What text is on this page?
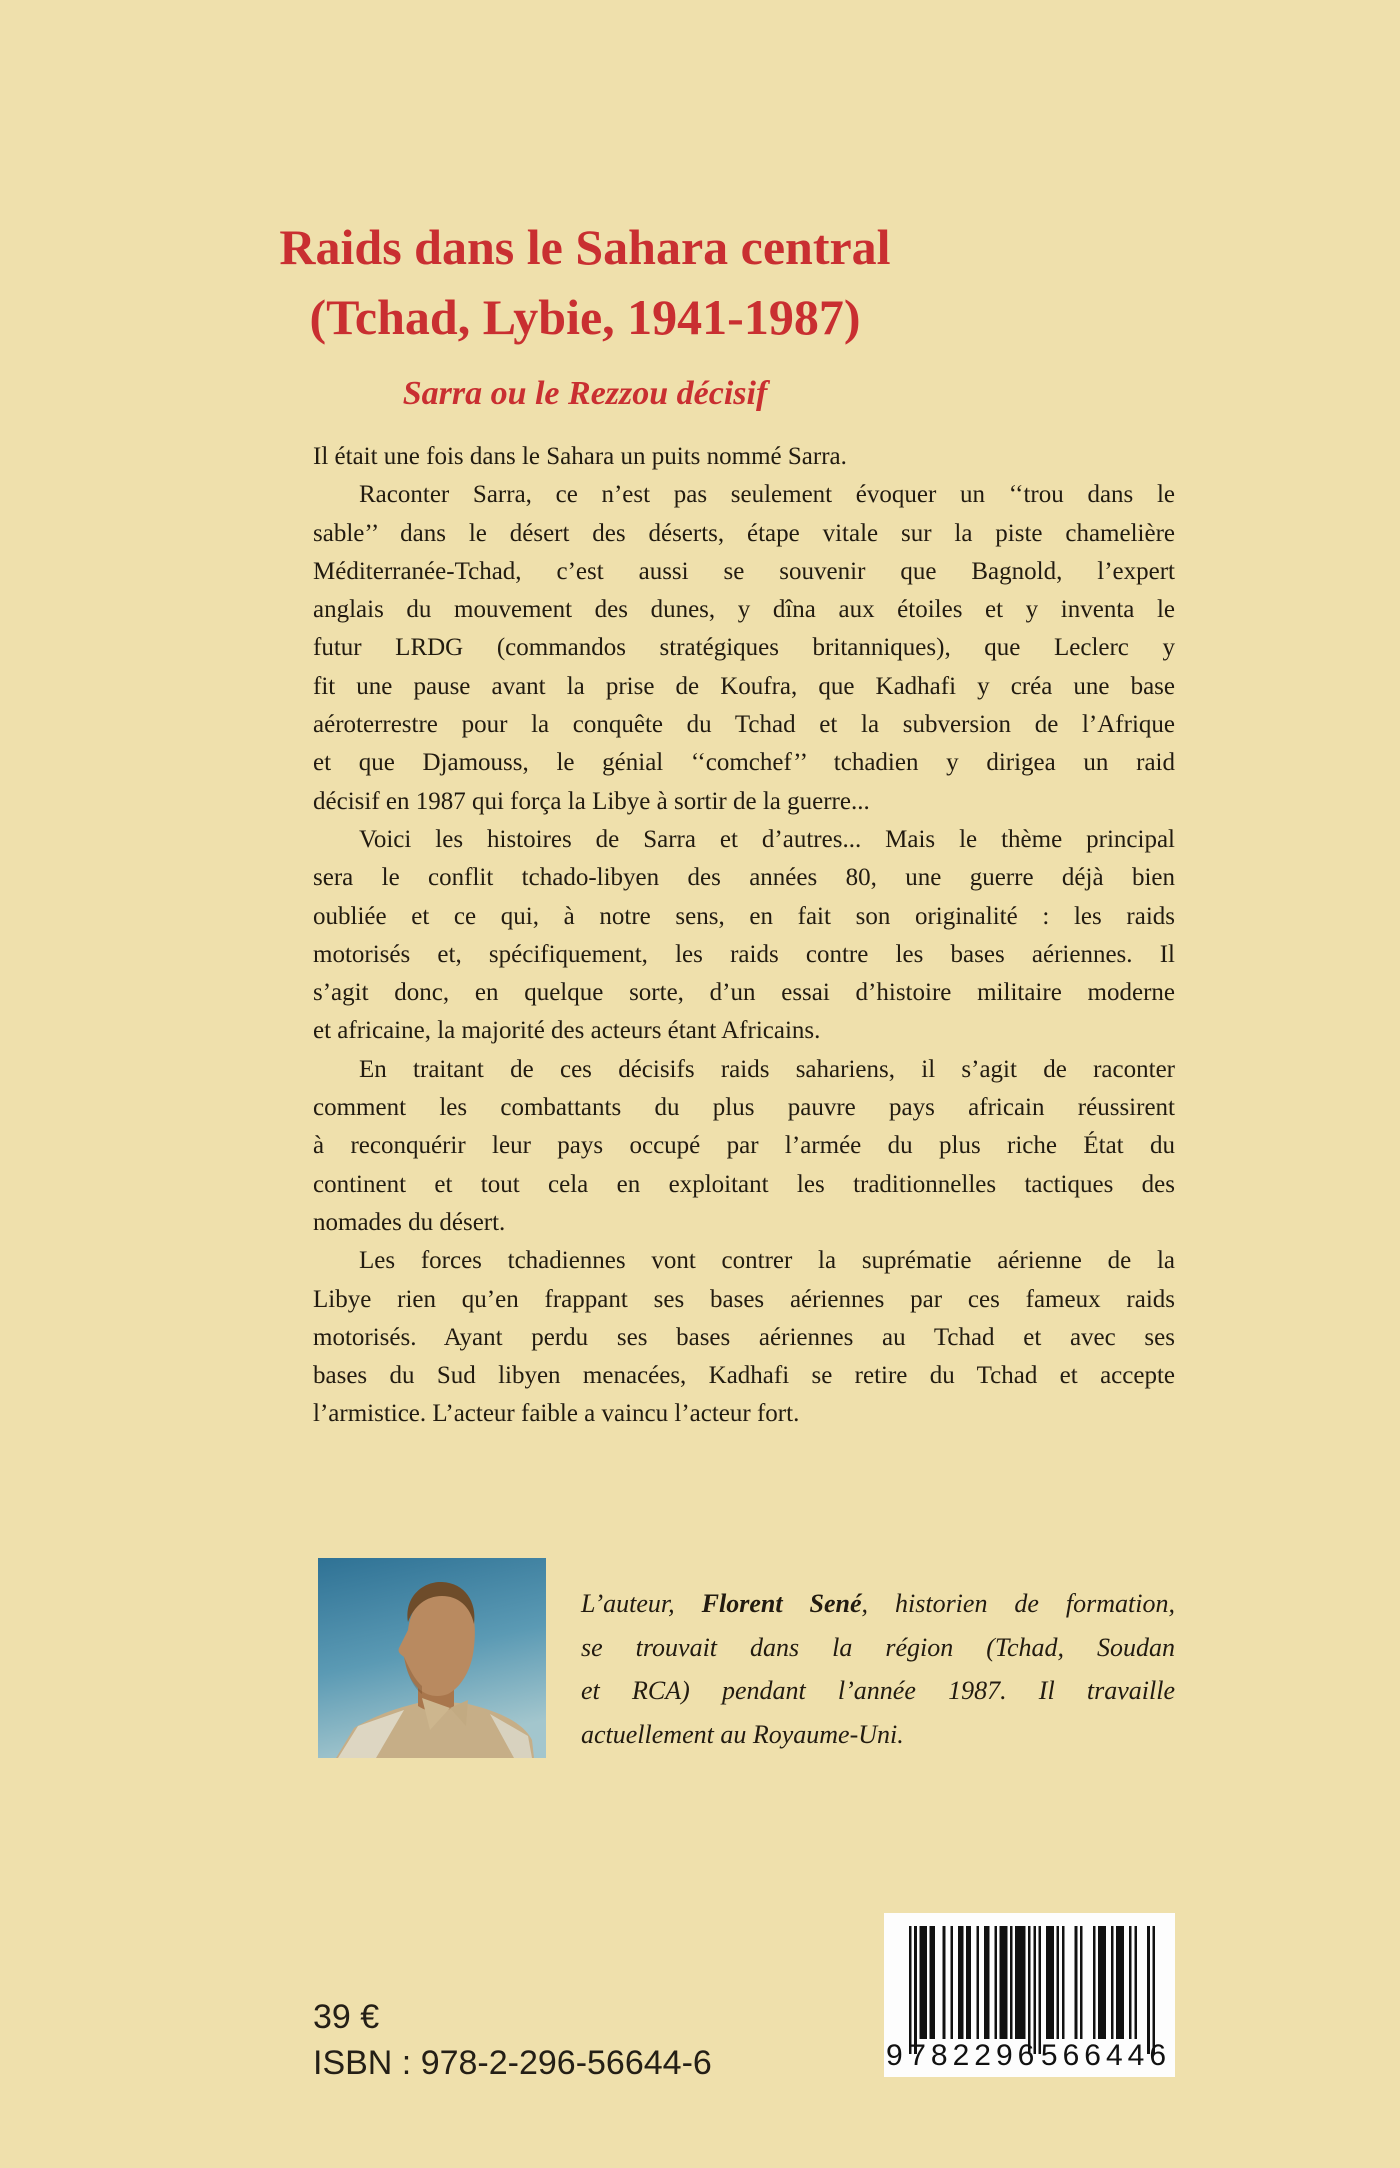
Raids dans le Sahara central
(Tchad, Lybie, 1941-1987)
Sarra ou le Rezzou décisif
Il était une fois dans le Sahara un puits nommé Sarra.
Raconter Sarra, ce n’est pas seulement évoquer un ‘‘trou dans le
sable’’ dans le désert des déserts, étape vitale sur la piste chamelière
Méditerranée-Tchad, c’est aussi se souvenir que Bagnold, l’expert
anglais du mouvement des dunes, y dîna aux étoiles et y inventa le
futur LRDG (commandos stratégiques britanniques), que Leclerc y
fit une pause avant la prise de Koufra, que Kadhafi y créa une base
aéroterrestre pour la conquête du Tchad et la subversion de l’Afrique
et que Djamouss, le génial ‘‘comchef’’ tchadien y dirigea un raid
décisif en 1987 qui força la Libye à sortir de la guerre...
Voici les histoires de Sarra et d’autres... Mais le thème principal
sera le conflit tchado-libyen des années 80, une guerre déjà bien
oubliée et ce qui, à notre sens, en fait son originalité : les raids
motorisés et, spécifiquement, les raids contre les bases aériennes. Il
s’agit donc, en quelque sorte, d’un essai d’histoire militaire moderne
et africaine, la majorité des acteurs étant Africains.
En traitant de ces décisifs raids sahariens, il s’agit de raconter
comment les combattants du plus pauvre pays africain réussirent
à reconquérir leur pays occupé par l’armée du plus riche État du
continent et tout cela en exploitant les traditionnelles tactiques des
nomades du désert.
Les forces tchadiennes vont contrer la suprématie aérienne de la
Libye rien qu’en frappant ses bases aériennes par ces fameux raids
motorisés. Ayant perdu ses bases aériennes au Tchad et avec ses
bases du Sud libyen menacées, Kadhafi se retire du Tchad et accepte
l’armistice. L’acteur faible a vaincu l’acteur fort.
L’auteur, Florent Sené, historien de formation,
se trouvait dans la région (Tchad, Soudan
et RCA) pendant l’année 1987. Il travaille
actuellement au Royaume-Uni.
39 €
ISBN : 978-2-296-56644-6	9 782296 566446
